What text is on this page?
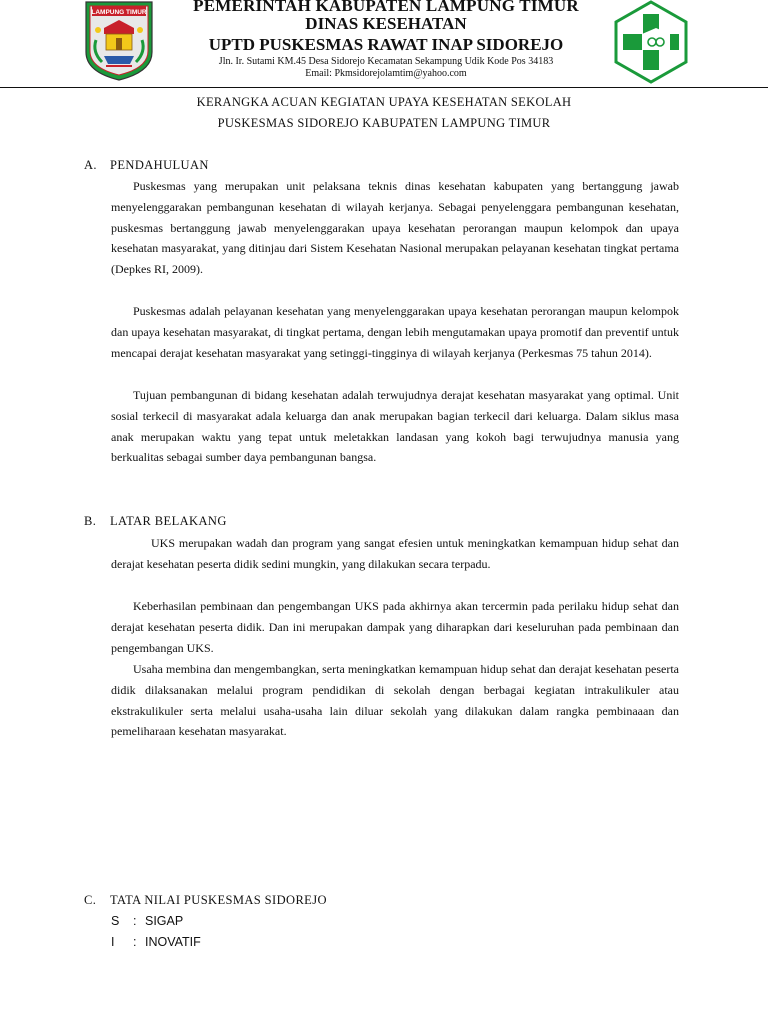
LAMPUNG TIMUR	PEMERINTAH KABUPATEN LAMPUNG TIMUR
DINAS KESEHATAN
UPTD PUSKESMAS RAWAT INAP SIDOREJO
Jln. Ir. Sutami KM.45 Desa Sidorejo Kecamatan Sekampung Udik Kode Pos 34183
Email: Pkmsidorejolamtim@yahoo.com
KERANGKA ACUAN KEGIATAN UPAYA KESEHATAN SEKOLAH
PUSKESMAS SIDOREJO KABUPATEN LAMPUNG TIMUR
A. PENDAHULUAN

Puskesmas yang merupakan unit pelaksana teknis dinas kesehatan kabupaten yang bertanggung jawab menyelenggarakan pembangunan kesehatan di wilayah kerjanya. Sebagai penyelenggara pembangunan kesehatan, puskesmas bertanggung jawab menyelenggarakan upaya kesehatan perorangan maupun kelompok dan upaya kesehatan masyarakat, yang ditinjau dari Sistem Kesehatan Nasional merupakan pelayanan kesehatan tingkat pertama (Depkes RI, 2009).

Puskesmas adalah pelayanan kesehatan yang menyelenggarakan upaya kesehatan perorangan maupun kelompok dan upaya kesehatan masyarakat, di tingkat pertama, dengan lebih mengutamakan upaya promotif dan preventif untuk mencapai derajat kesehatan masyarakat yang setinggi-tingginya di wilayah kerjanya (Perkesmas 75 tahun 2014).

Tujuan pembangunan di bidang kesehatan adalah terwujudnya derajat kesehatan masyarakat yang optimal. Unit sosial terkecil di masyarakat adala keluarga dan anak merupakan bagian terkecil dari keluarga. Dalam siklus masa anak merupakan waktu yang tepat untuk meletakkan landasan yang kokoh bagi terwujudnya manusia yang berkualitas sebagai sumber daya pembangunan bangsa.

B. LATAR BELAKANG

UKS merupakan wadah dan program yang sangat efesien untuk meningkatkan kemampuan hidup sehat dan derajat kesehatan peserta didik sedini mungkin, yang dilakukan secara terpadu.

Keberhasilan pembinaan dan pengembangan UKS pada akhirnya akan tercermin pada perilaku hidup sehat dan derajat kesehatan peserta didik. Dan ini merupakan dampak yang diharapkan dari keseluruhan pada pembinaan dan pengembangan UKS.

Usaha membina dan mengembangkan, serta meningkatkan kemampuan hidup sehat dan derajat kesehatan peserta didik dilaksanakan melalui program pendidikan di sekolah dengan berbagai kegiatan intrakulikuler atau ekstrakulikuler serta melalui usaha-usaha lain diluar sekolah yang dilakukan dalam rangka pembinaaan dan pemeliharaan kesehatan masyarakat.

C. TATA NILAI PUSKESMAS SIDOREJO
S	: SIGAP
I	: INOVATIF
